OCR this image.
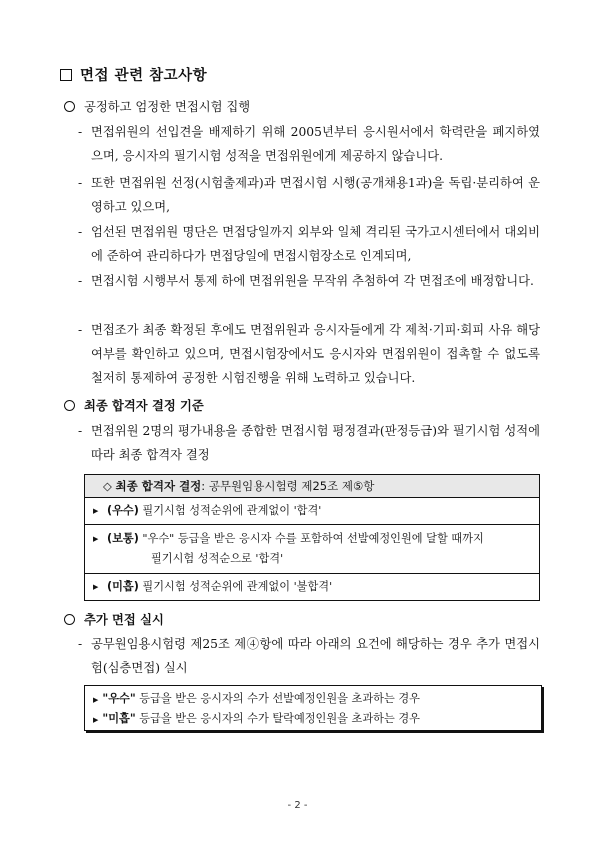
면접 관련 참고사항
공정하고 엄정한 면접시험 집행
- 면접위원의 선입견을 배제하기 위해 2005년부터 응시원서에서 학력란을 폐지하였으며, 응시자의 필기시험 성적을 면접위원에게 제공하지 않습니다.
- 또한 면접위원 선정(시험출제과)과 면접시험 시행(공개채용1과)을 독립·분리하여 운영하고 있으며,
- 엄선된 면접위원 명단은 면접당일까지 외부와 일체 격리된 국가고시센터에서 대외비에 준하여 관리하다가 면접당일에 면접시험장소로 인계되며,
- 면접시험 시행부서 통제 하에 면접위원을 무작위 추첨하여 각 면접조에 배정합니다.
- 면접조가 최종 확정된 후에도 면접위원과 응시자들에게 각 제척·기피·회피 사유 해당여부를 확인하고 있으며, 면접시험장에서도 응시자와 면접위원이 접촉할 수 없도록 철저히 통제하여 공정한 시험진행을 위해 노력하고 있습니다.
최종 합격자 결정 기준
- 면접위원 2명의 평가내용을 종합한 면접시험 평정결과(판정등급)와 필기시험 성적에 따라 최종 합격자 결정
◇ 최종 합격자 결정: 공무원임용시험령 제25조 제⑤항
▶ (우수) 필기시험 성적순위에 관계없이 '합격'
▶ (보통) "우수" 등급을 받은 응시자 수를 포함하여 선발예정인원에 달할 때까지
필기시험 성적순으로 '합격'
▶ (미흡) 필기시험 성적순위에 관계없이 '불합격'
추가 면접 실시
- 공무원임용시험령 제25조 제④항에 따라 아래의 요건에 해당하는 경우 추가 면접시험(심층면접) 실시
▶ "우수" 등급을 받은 응시자의 수가 선발예정인원을 초과하는 경우
▶ "미흡" 등급을 받은 응시자의 수가 탈락예정인원을 초과하는 경우
- 2 -
